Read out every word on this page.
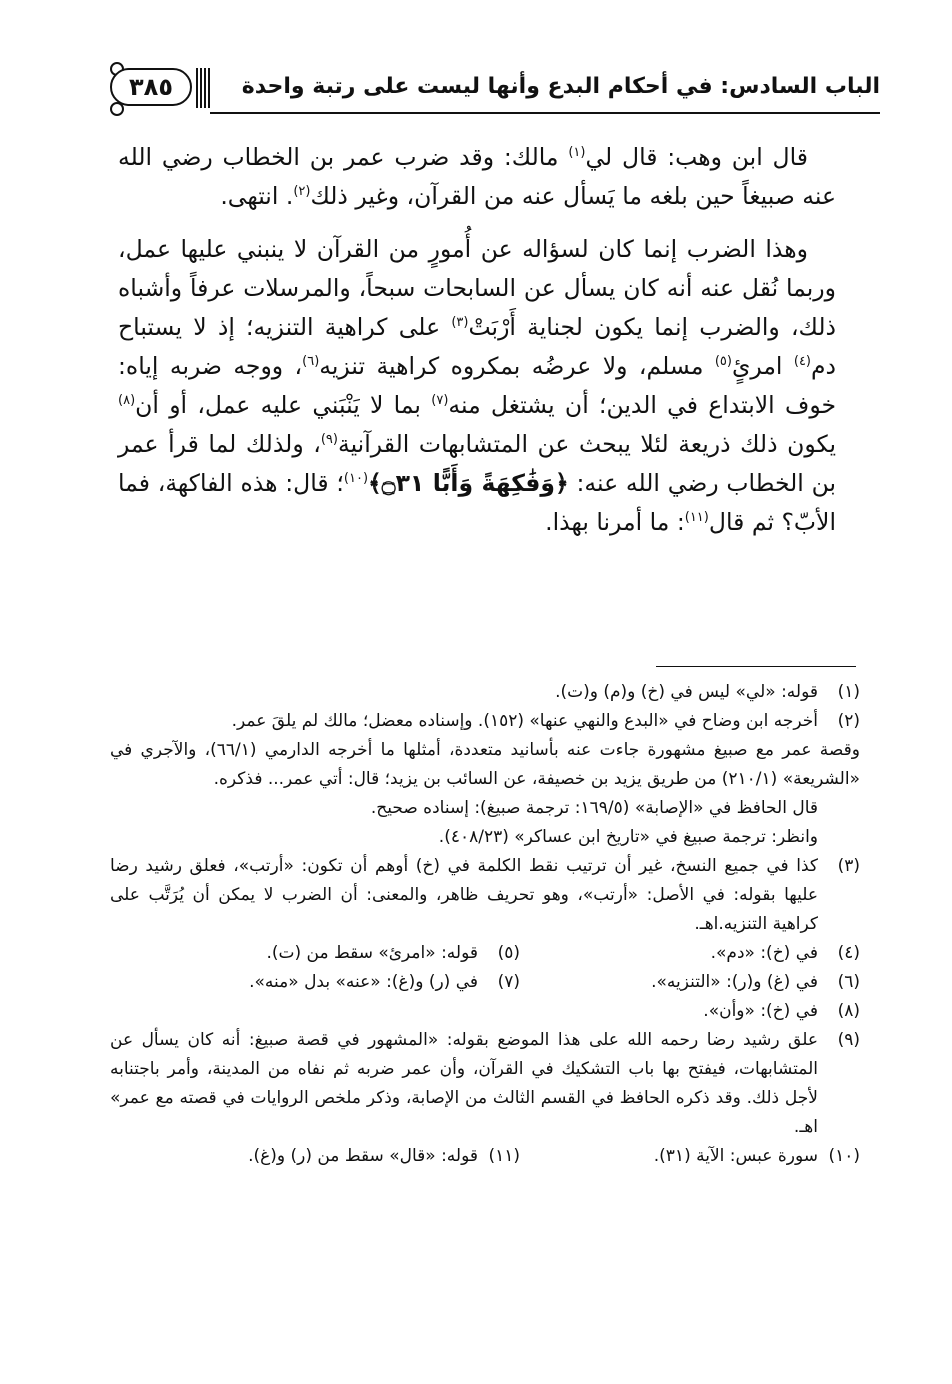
٣٨٥	الباب السادس: في أحكام البدع وأنها ليست على رتبة واحدة

قال ابن وهب: قال لي$^{(١)}$ مالك: وقد ضرب عمر بن الخطاب رضي الله عنه صبيغاً حين بلغه ما يَسأل عنه من القرآن، وغير ذلك$^{(٢)}$. انتهى.

وهذا الضرب إنما كان لسؤاله عن أُمورٍ من القرآن لا ينبني عليها عمل، وربما نُقل عنه أنه كان يسأل عن السابحات سبحاً، والمرسلات عرفاً وأشباه ذلك، والضرب إنما يكون لجناية أَرْبَتْ$^{(٣)}$ على كراهية التنزيه؛ إذ لا يستباح دم$^{(٤)}$ امرئٍ$^{(٥)}$ مسلم، ولا عرضُه بمكروه كراهية تنزيه$^{(٦)}$، ووجه ضربه إياه: خوف الابتداع في الدين؛ أن يشتغل منه$^{(٧)}$ بما لا يَنْبَني عليه عمل، أو أن$^{(٨)}$ يكون ذلك ذريعة لئلا يبحث عن المتشابهات القرآنية$^{(٩)}$، ولذلك لما قرأ عمر بن الخطاب رضي الله عنه: ﴿وَفَٰكِهَةً وَأَبًّا ۝٣١﴾$^{(١٠)}$؛ قال: هذه الفاكهة، فما الأبّ؟ ثم قال$^{(١١)}$: ما أمرنا بهذا.

(١)
قوله: «لي» ليس في (خ) و(م) و(ت).
(٢)
أخرجه ابن وضاح في «البدع والنهي عنها» (١٥٢). وإسناده معضل؛ مالك لم يلقَ عمر.
وقصة عمر مع صبيغ مشهورة جاءت عنه بأسانيد متعددة، أمثلها ما أخرجه الدارمي (٦٦/١)، والآجري في «الشريعة» (٢١٠/١) من طريق يزيد بن خصيفة، عن السائب بن يزيد؛ قال: أتي عمر... فذكره.
قال الحافظ في «الإصابة» (١٦٩/٥: ترجمة صبيغ): إسناده صحيح.
وانظر: ترجمة صبيغ في «تاريخ ابن عساكر» (٤٠٨/٢٣).
(٣)
كذا في جميع النسخ، غير أن ترتيب نقط الكلمة في (خ) أوهم أن تكون: «أرتب»، فعلق رشيد رضا عليها بقوله: في الأصل: «أرتب»، وهو تحريف ظاهر، والمعنى: أن الضرب لا يمكن أن يُرَتَّب على كراهية التنزيه.اهـ.
(٤)
في (خ): «دم».
(٥)
قوله: «امرئ» سقط من (ت).
(٦)
في (غ) و(ر): «التنزيه».
(٧)
في (ر) و(غ): «عنه» بدل «منه».
(٨)
في (خ): «وأن».
(٩)
علق رشيد رضا رحمه الله على هذا الموضع بقوله: «المشهور في قصة صبيغ: أنه كان يسأل عن المتشابهات، فيفتح بها باب التشكيك في القرآن، وأن عمر ضربه ثم نفاه من المدينة، وأمر باجتنابه لأجل ذلك. وقد ذكره الحافظ في القسم الثالث من الإصابة، وذكر ملخص الروايات في قصته مع عمر» اهـ.
(١٠)
سورة عبس: الآية (٣١).
(١١)
قوله: «قال» سقط من (ر) و(غ).
